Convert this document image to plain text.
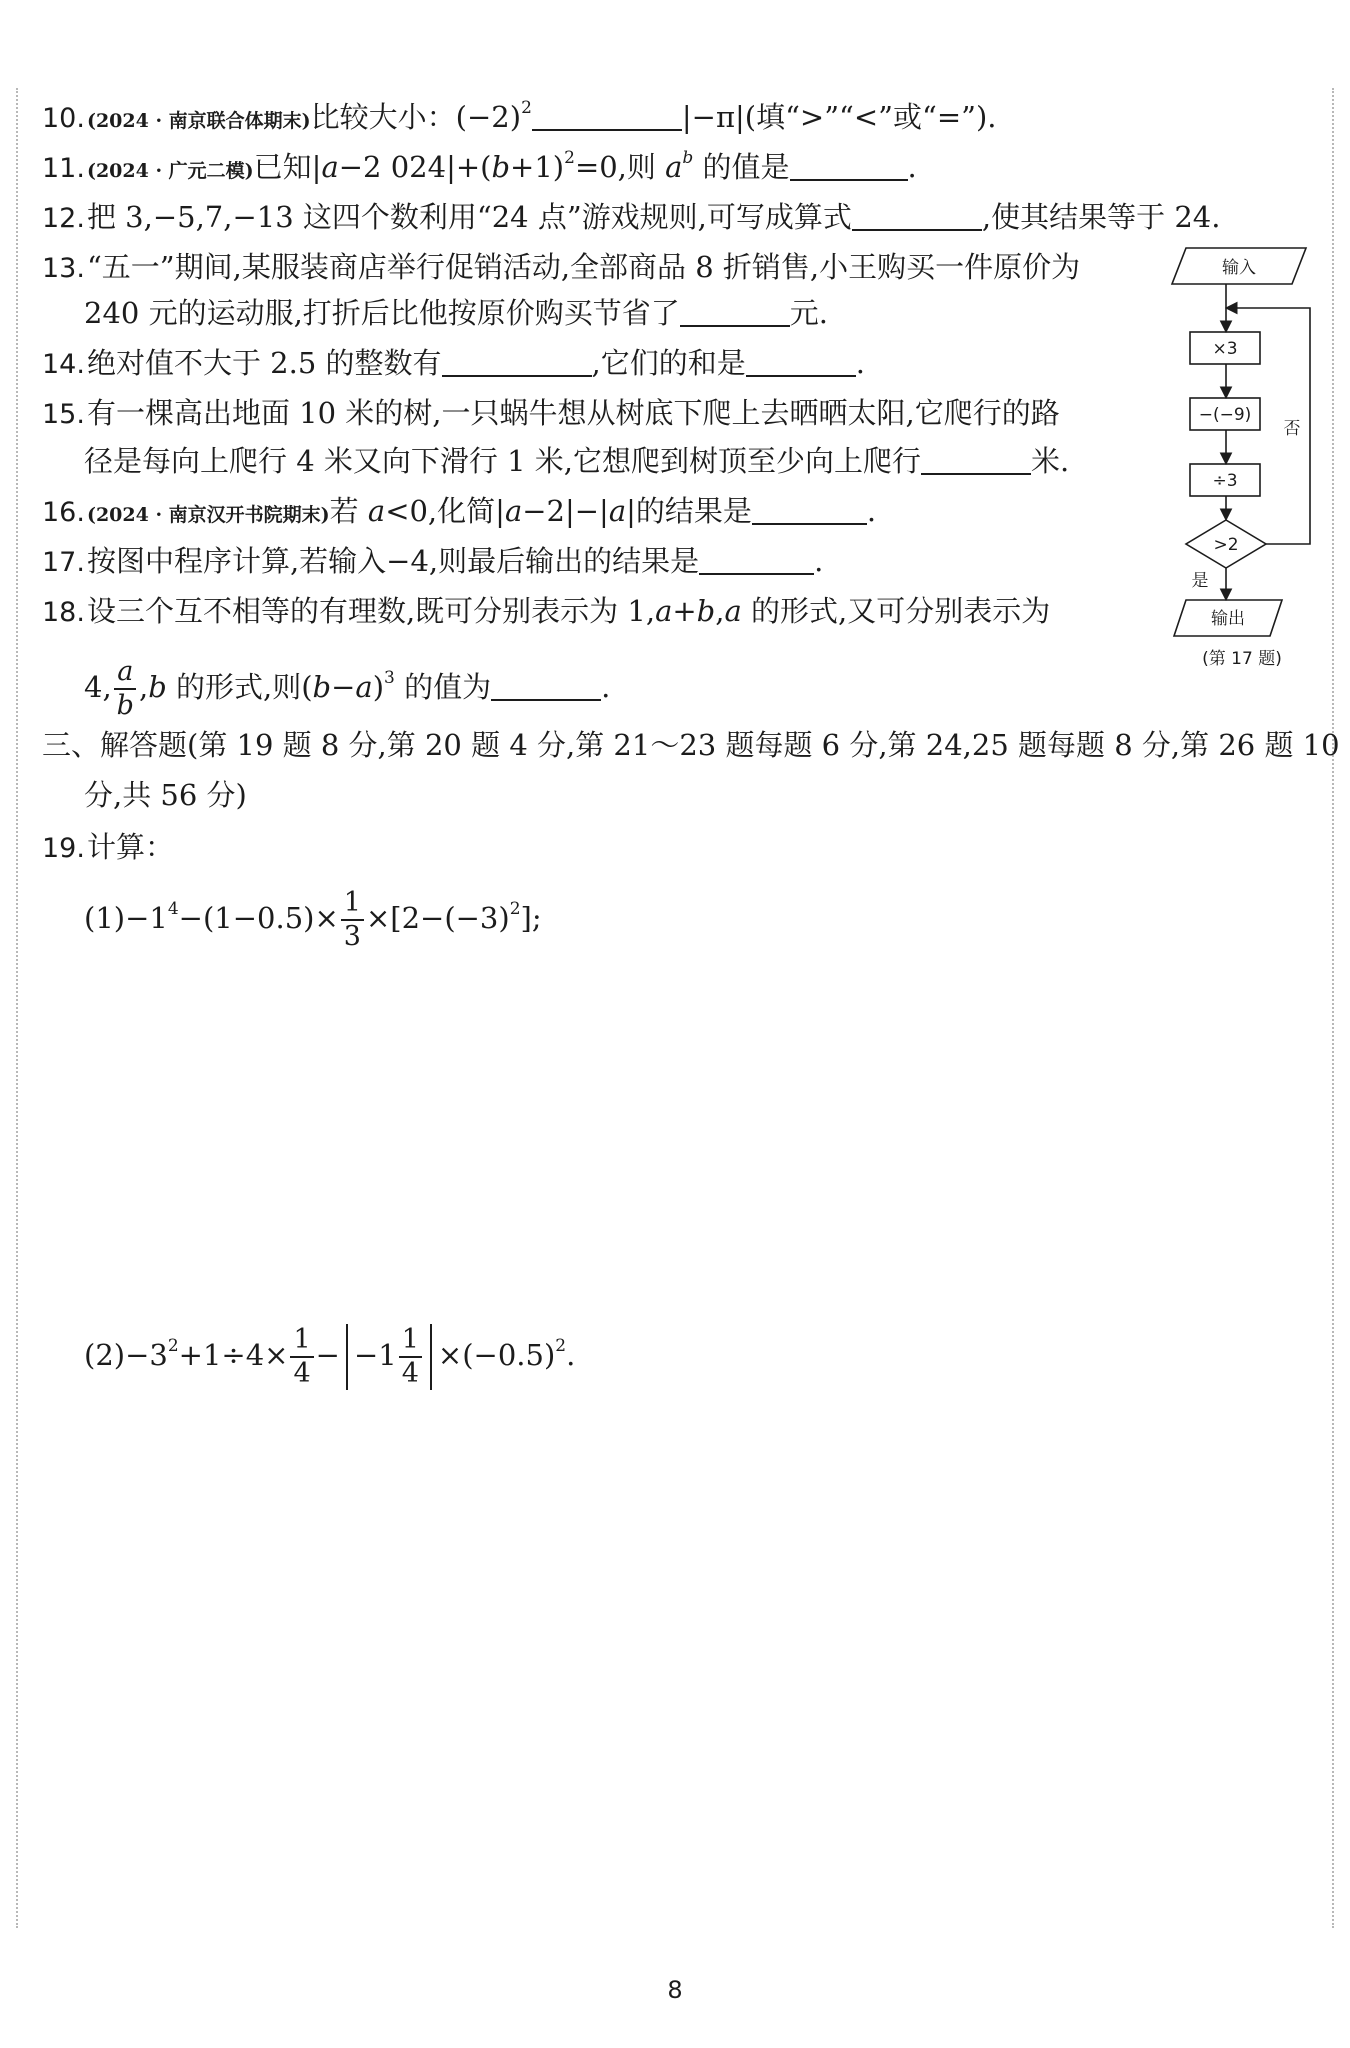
10. (2024 · 南京联合体期末)比较大小：$(-2)^2$	|−π|(填“>”“<”或“=”).
11. (2024 · 广元二模)已知|a−2 $024|+(b+1)^2=0$,则 $a^b$ 的值是	.
12.把 3,−5,7,−13 这四个数利用“24 点”游戏规则,可写成算式	,使其结果等于 24.
13.“五一”期间,某服装商店举行促销活动,全部商品 8 折销售,小王购买一件原价为
240 元的运动服,打折后比他按原价购买节省了	元.
14.绝对值不大于 2.5 的整数有	,它们的和是	.
15.有一棵高出地面 10 米的树,一只蜗牛想从树底下爬上去晒晒太阳,它爬行的路
径是每向上爬行 4 米又向下滑行 1 米,它想爬到树顶至少向上爬行	米.
16. (2024 · 南京汉开书院期末)若 a<0,化简|a−2|−|a|的结果是	.
17.按图中程序计算,若输入−4,则最后输出的结果是	.
18.设三个互不相等的有理数,既可分别表示为 1,a+b,a 的形式,又可分别表示为
4, $\frac{a}{b} ,b$ 的形式,则$(b-a)^3$ 的值为	.
三、解答题(第 19 题 8 分,第 20 题 4 分,第 21～23 题每题 6 分,第 24,25 题每题 8 分,第 26 题 10
分,共 56 分)
19.计算：
$(1)-1^4-(1-0.5)\times \frac{1}{3} \times[2-(-3)^2]$;
$(2)-3^2+1\div 4\times \frac{1}{4} - -1 \frac{1}{4} \times(-0.5)^2$.
输入
×3
−(−9)
÷3
>2
否
是
输出
(第 17 题)
8
